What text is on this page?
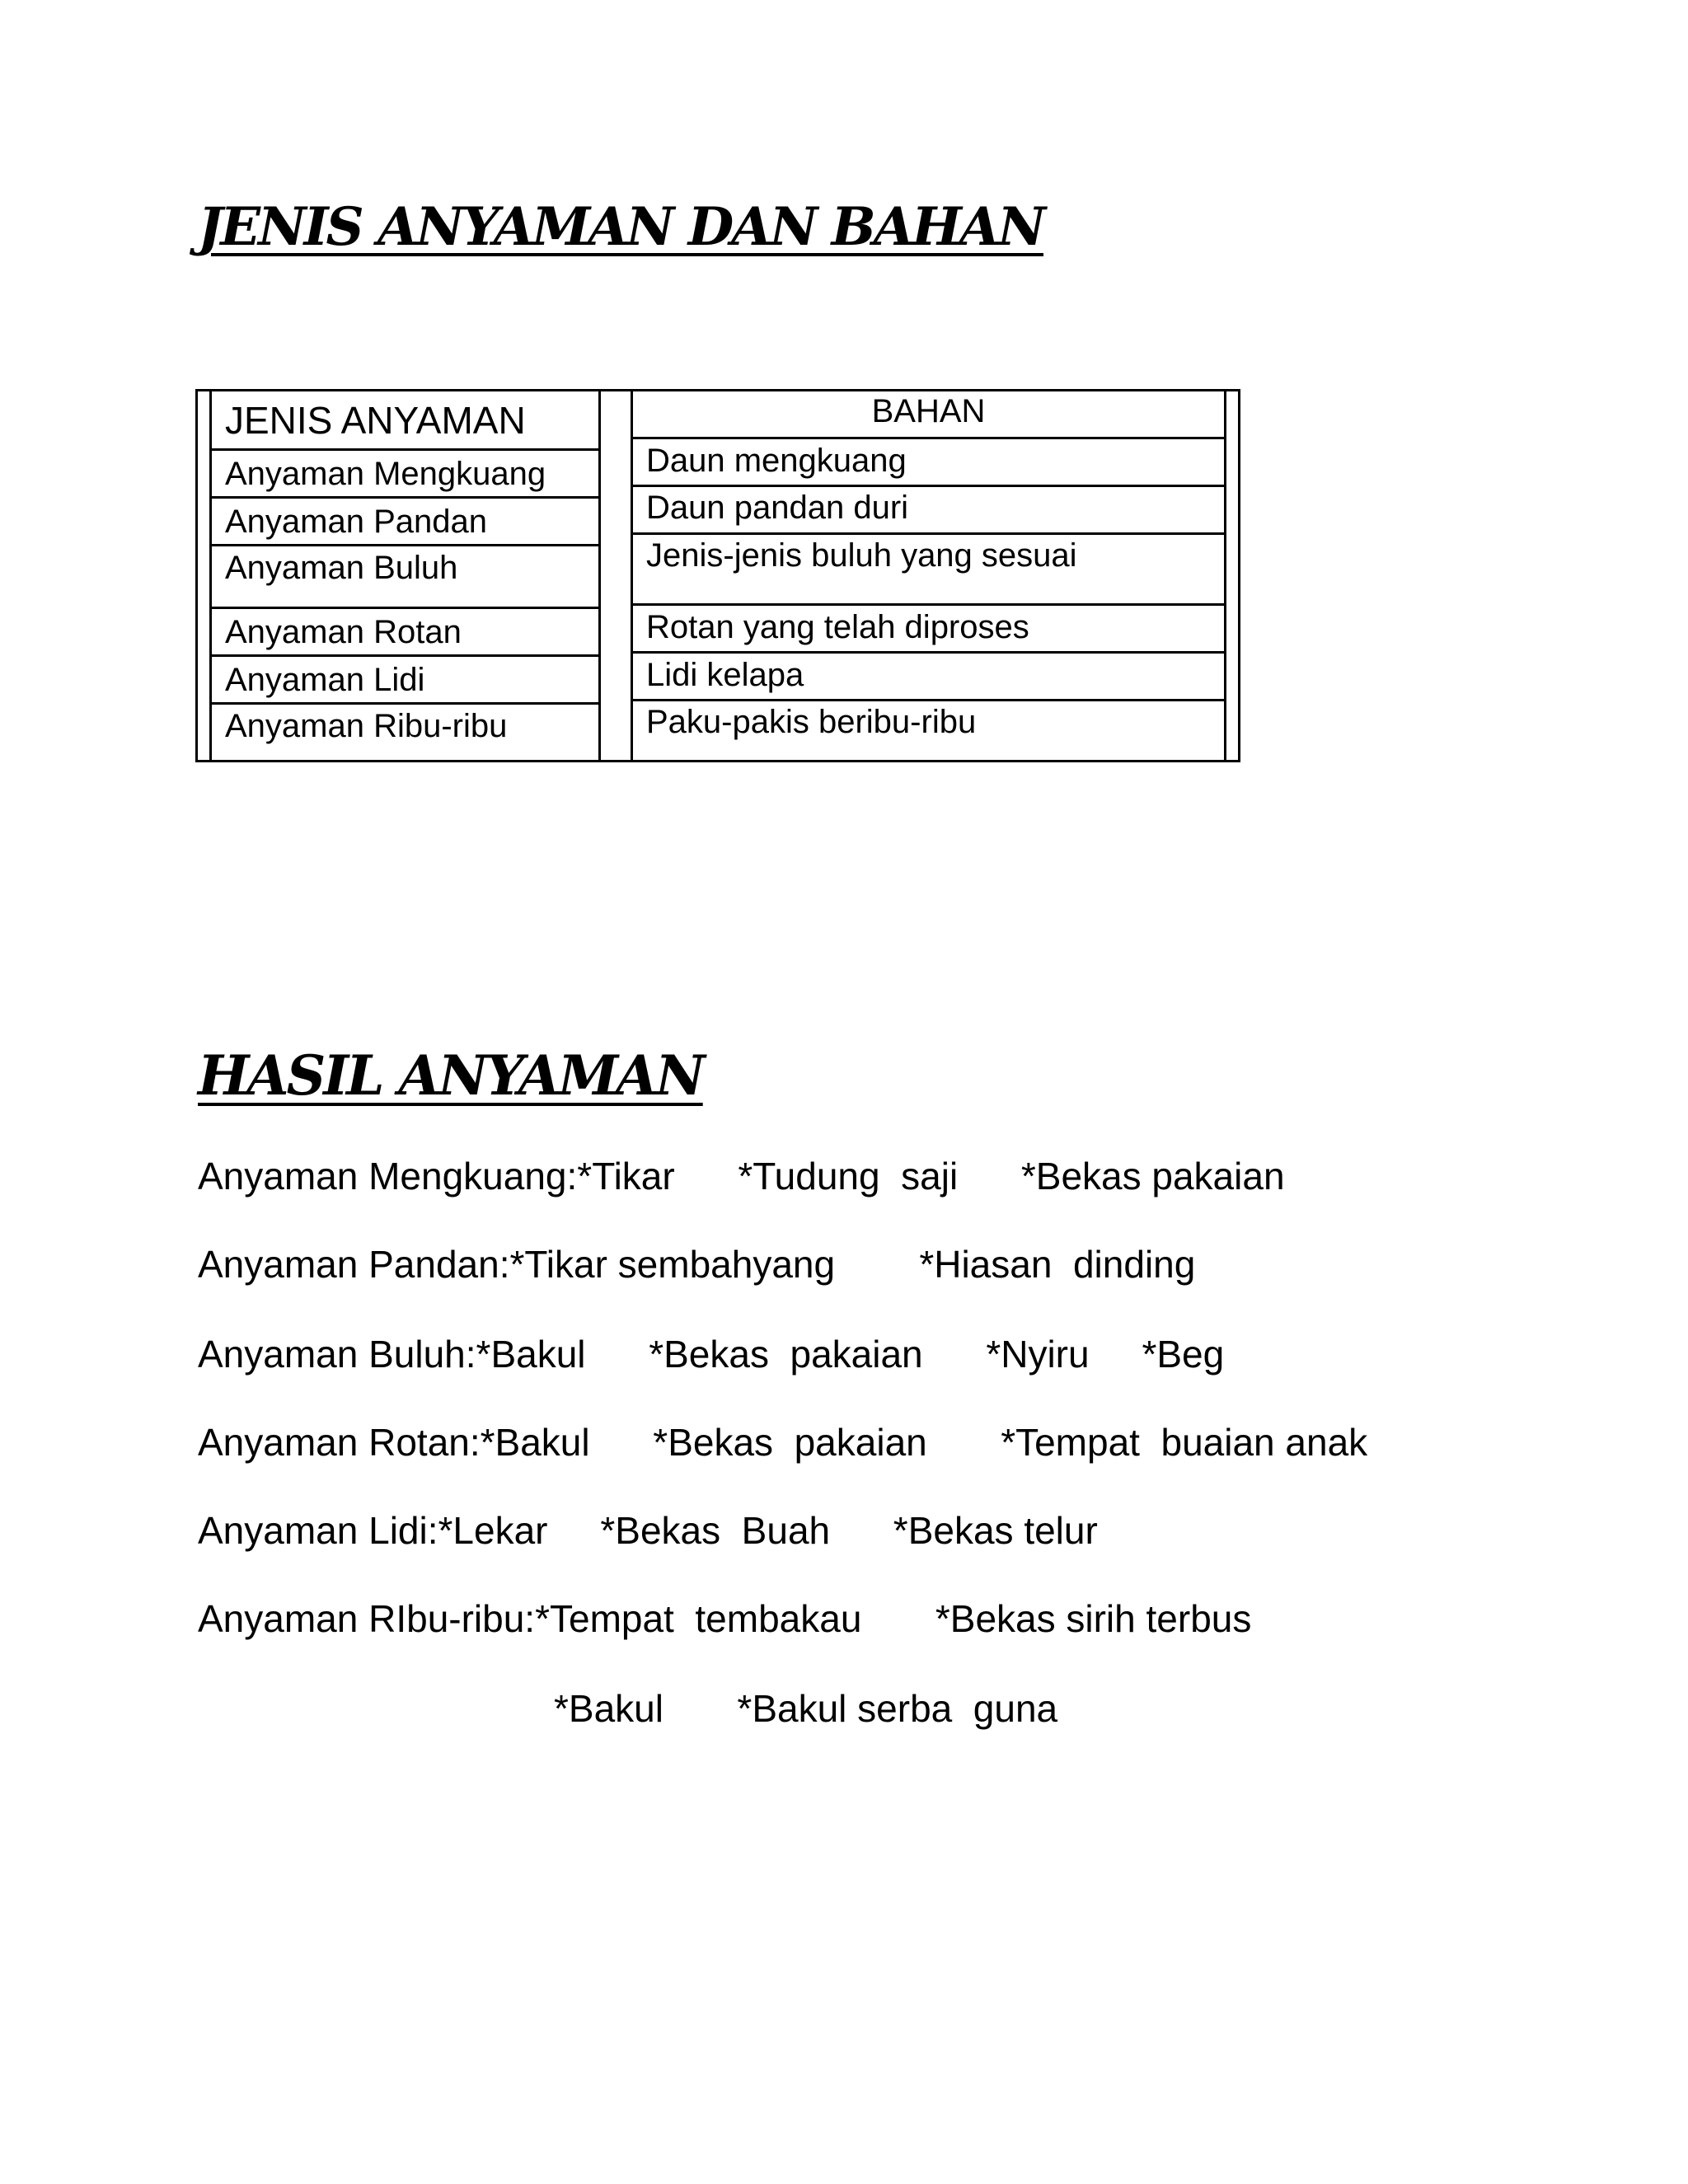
JENIS ANYAMAN DAN BAHAN
JENIS ANYAMAN
Anyaman Mengkuang
Anyaman Pandan
Anyaman Buluh
Anyaman Rotan
Anyaman Lidi
Anyaman Ribu-ribu
BAHAN
Daun mengkuang
Daun pandan duri
Jenis-jenis buluh yang sesuai
Rotan yang telah diproses
Lidi kelapa
Paku-pakis beribu-ribu
HASIL ANYAMAN

Anyaman Mengkuang:*Tikar      *Tudung  saji      *Bekas pakaian

Anyaman Pandan:*Tikar sembahyang        *Hiasan  dinding

Anyaman Buluh:*Bakul      *Bekas  pakaian      *Nyiru     *Beg

Anyaman Rotan:*Bakul      *Bekas  pakaian       *Tempat  buaian anak

Anyaman Lidi:*Lekar     *Bekas  Buah      *Bekas telur

Anyaman RIbu-ribu:*Tempat  tembakau       *Bekas sirih terbus

*Bakul       *Bakul serba  guna
